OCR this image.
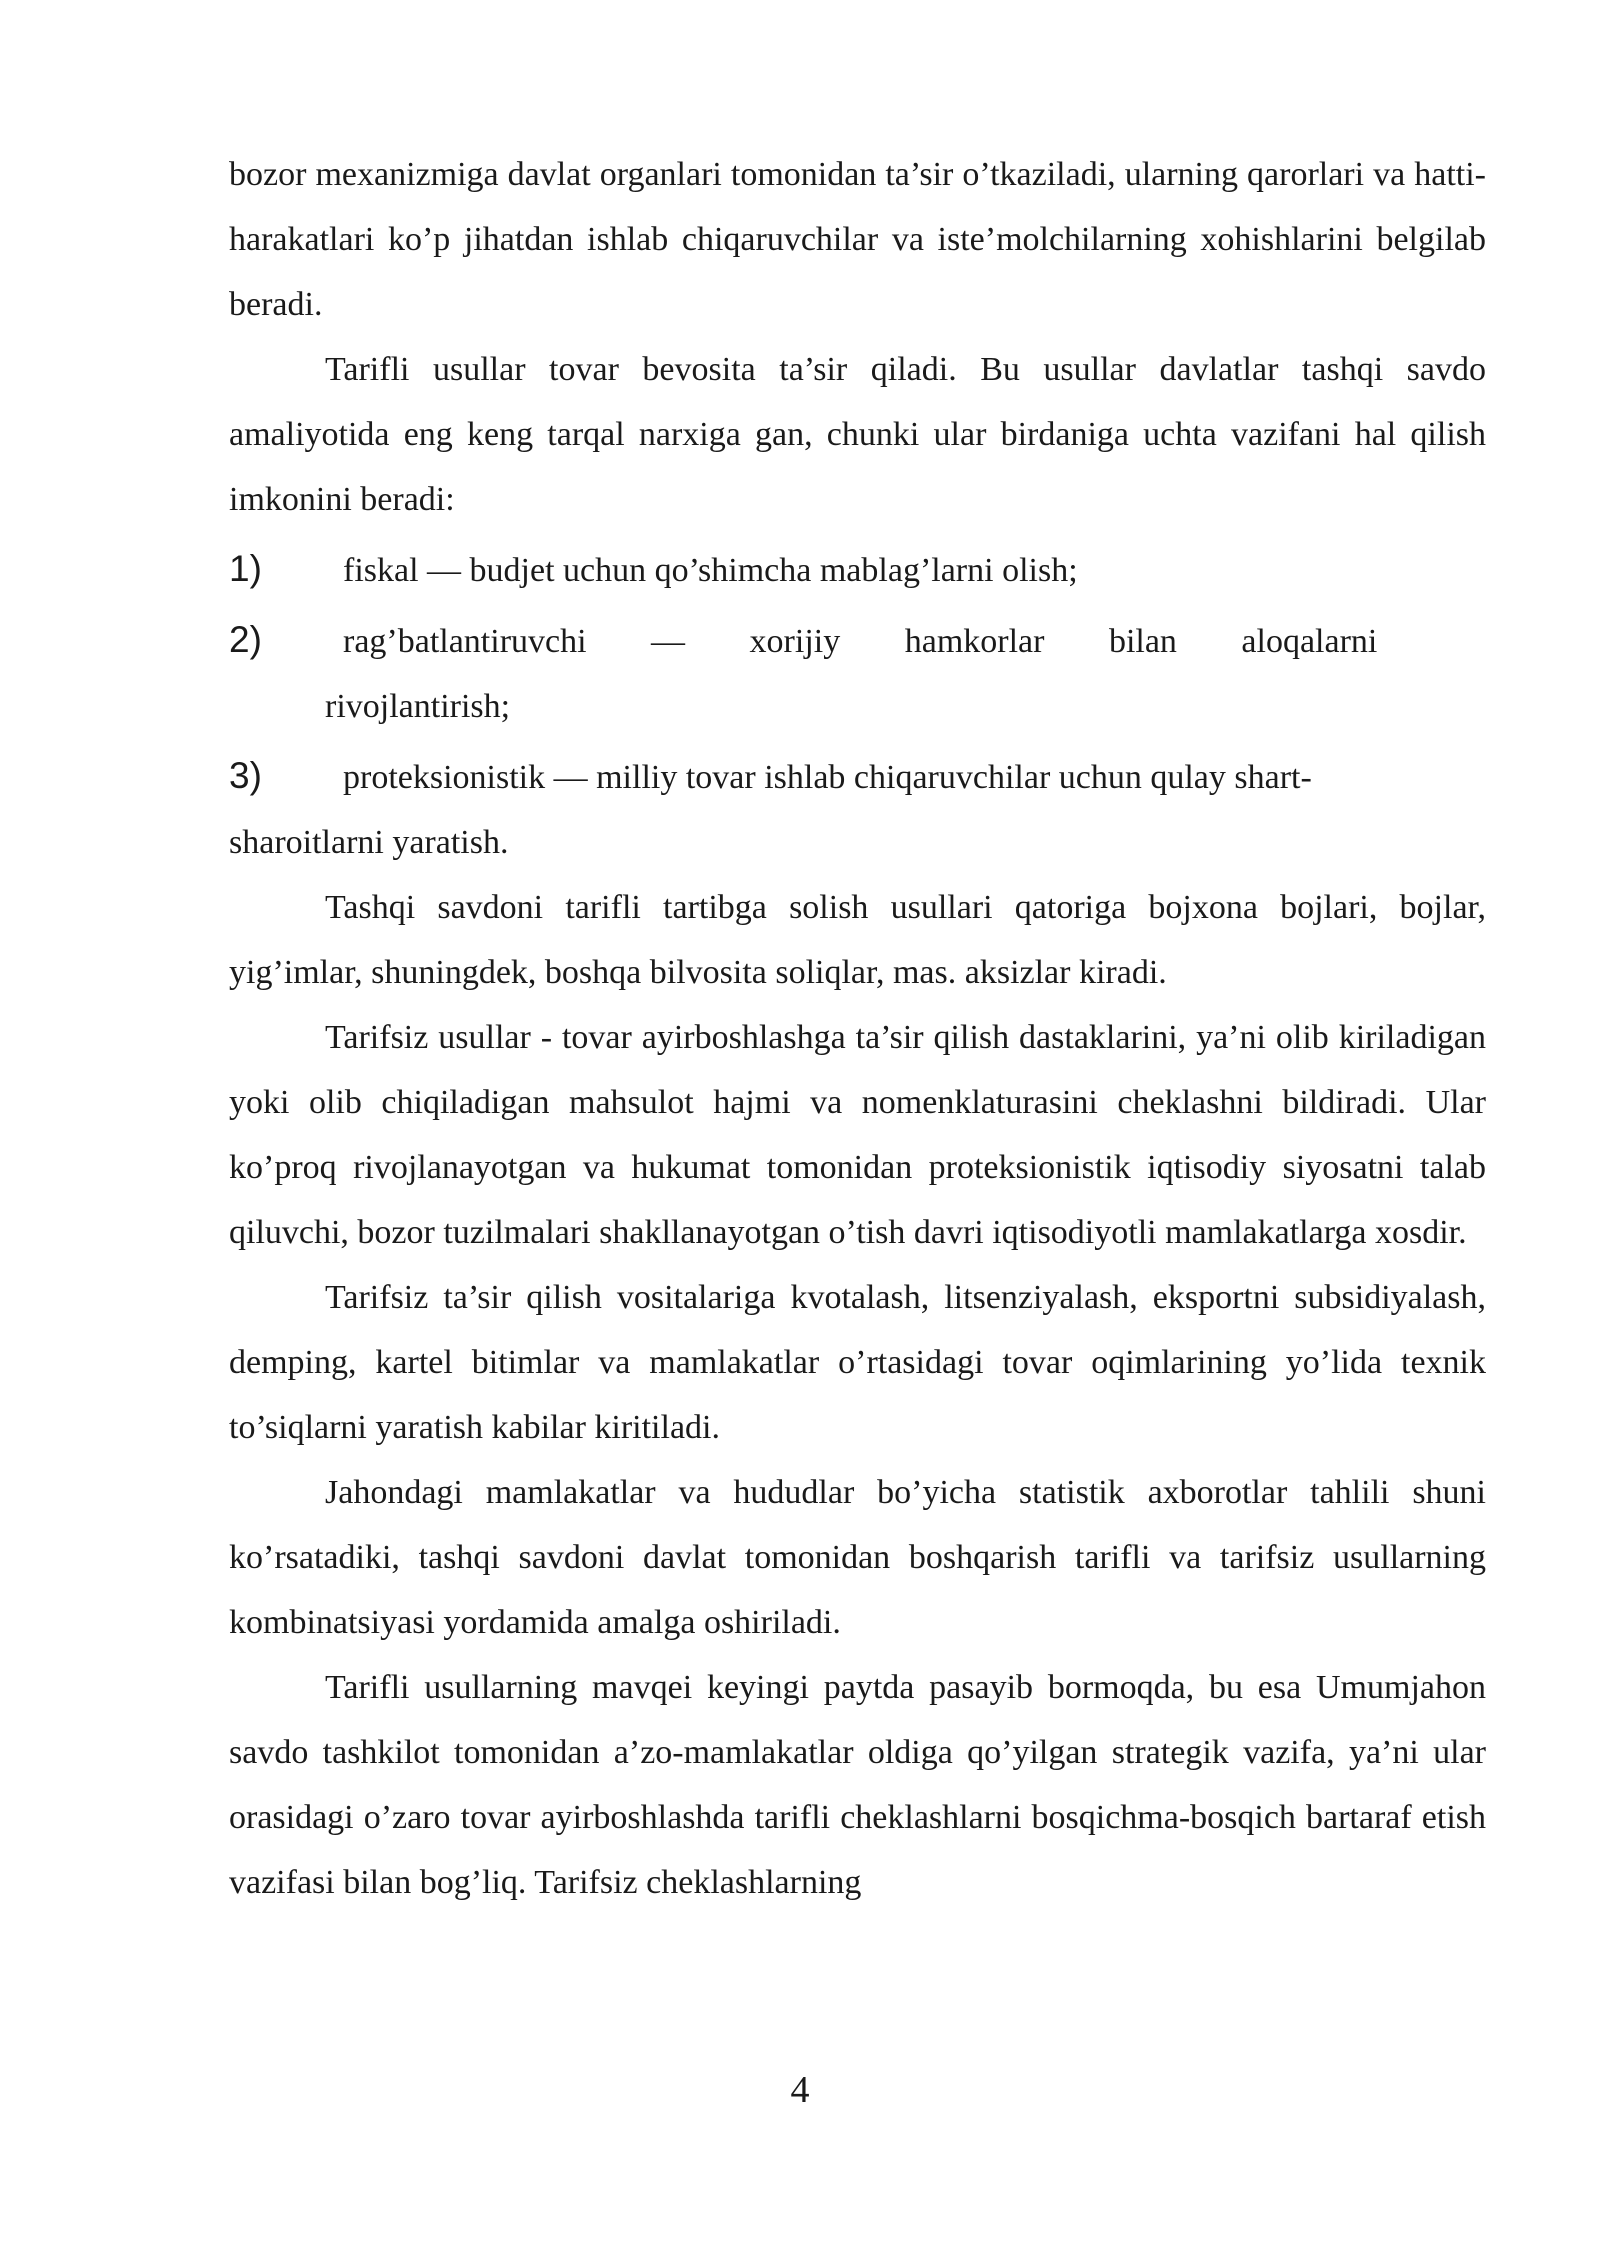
bozor mexanizmiga davlat organlari tomonidan ta’sir o’tkaziladi, ularning qarorlari va hatti-harakatlari ko’p jihatdan ishlab chiqaruvchilar va iste’molchilarning xohishlarini belgilab beradi.

Tarifli usullar tovar bevosita ta’sir qiladi. Bu usullar davlatlar tashqi savdo amaliyotida eng keng tarqal narxiga gan, chunki ular birdaniga uchta vazifani hal qilish imkonini beradi:

1) fiskal — budjet uchun qo’shimcha mablag’larni olish;
2) rag’batlantiruvchi — xorijiy hamkorlar bilan aloqalarni
rivojlantirish;
3) proteksionistik — milliy tovar ishlab chiqaruvchilar uchun qulay shart-
sharoitlarni yaratish.

Tashqi savdoni tarifli tartibga solish usullari qatoriga bojxona bojlari, bojlar, yig’imlar, shuningdek, boshqa bilvosita soliqlar, mas. aksizlar kiradi.

Tarifsiz usullar - tovar ayirboshlashga ta’sir qilish dastaklarini, ya’ni olib kiriladigan yoki olib chiqiladigan mahsulot hajmi va nomenklaturasini cheklashni bildiradi. Ular ko’proq rivojlanayotgan va hukumat tomonidan proteksionistik iqtisodiy siyosatni talab qiluvchi, bozor tuzilmalari shakllanayotgan o’tish davri iqtisodiyotli mamlakatlarga xosdir.

Tarifsiz ta’sir qilish vositalariga kvotalash, litsenziyalash, eksportni subsidiyalash, demping, kartel bitimlar va mamlakatlar o’rtasidagi tovar oqimlarining yo’lida texnik to’siqlarni yaratish kabilar kiritiladi.

Jahondagi mamlakatlar va hududlar bo’yicha statistik axborotlar tahlili shuni ko’rsatadiki, tashqi savdoni davlat tomonidan boshqarish tarifli va tarifsiz usullarning kombinatsiyasi yordamida amalga oshiriladi.

Tarifli usullarning mavqei keyingi paytda pasayib bormoqda, bu esa Umumjahon savdo tashkilot tomonidan a’zo-mamlakatlar oldiga qo’yilgan strategik vazifa, ya’ni ular orasidagi o’zaro tovar ayirboshlashda tarifli cheklashlarni bosqichma-bosqich bartaraf etish vazifasi bilan bog’liq. Tarifsiz cheklashlarning

4
